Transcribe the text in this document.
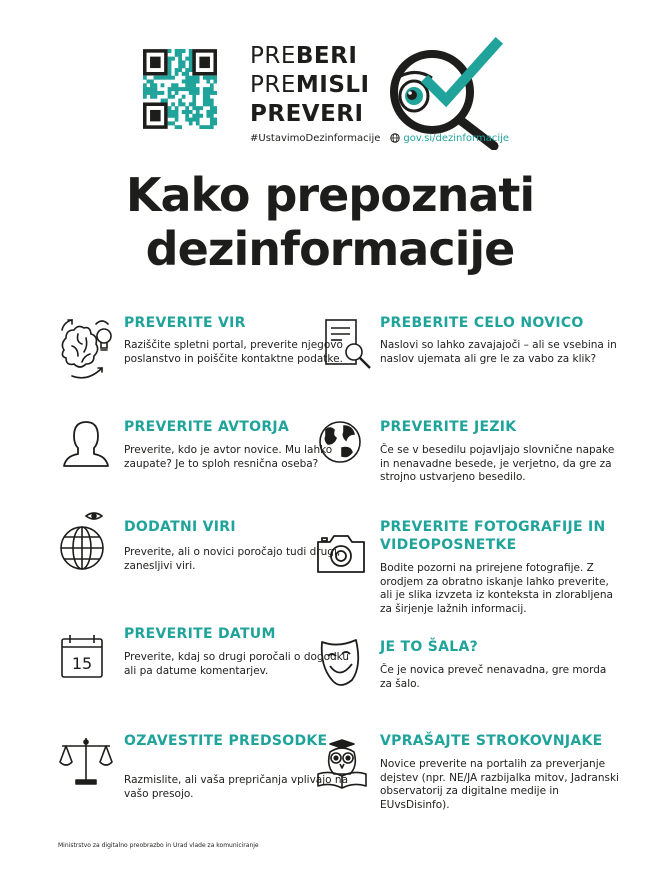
PREBERI
PREMISLI
PREVERI
#UstavimoDezinformacije gov.si/dezinformacije
Kako prepoznati
dezinformacije
PREVERITE VIR
Raziščite spletni portal, preverite njegovo poslanstvo in poiščite kontaktne podatke.
PREVERITE AVTORJA
Preverite, kdo je avtor novice. Mu lahko zaupate? Je to sploh resnična oseba?
DODATNI VIRI
Preverite, ali o novici poročajo tudi drugi, zanesljivi viri.
15
PREVERITE DATUM
Preverite, kdaj so drugi poročali o dogodku ali pa datume komentarjev.
OZAVESTITE PREDSODKE
Razmislite, ali vaša prepričanja vplivajo na vašo presojo.
PREBERITE CELO NOVICO
Naslovi so lahko zavajajoči – ali se vsebina in naslov ujemata ali gre le za vabo za klik?
PREVERITE JEZIK
Če se v besedilu pojavljajo slovnične napake in nenavadne besede, je verjetno, da gre za strojno ustvarjeno besedilo.
PREVERITE FOTOGRAFIJE IN VIDEOPOSNETKE
Bodite pozorni na prirejene fotografije. Z orodjem za obratno iskanje lahko preverite, ali je slika izvzeta iz konteksta in zlorabljena za širjenje lažnih informacij.
JE TO ŠALA?
Če je novica preveč nenavadna, gre morda za šalo.
VPRAŠAJTE STROKOVNJAKE
Novice preverite na portalih za preverjanje dejstev (npr. NE/JA razbijalka mitov, Jadranski observatorij za digitalne medije in EUvsDisinfo).
Ministrstvo za digitalno preobrazbo in Urad vlade za komuniciranje
